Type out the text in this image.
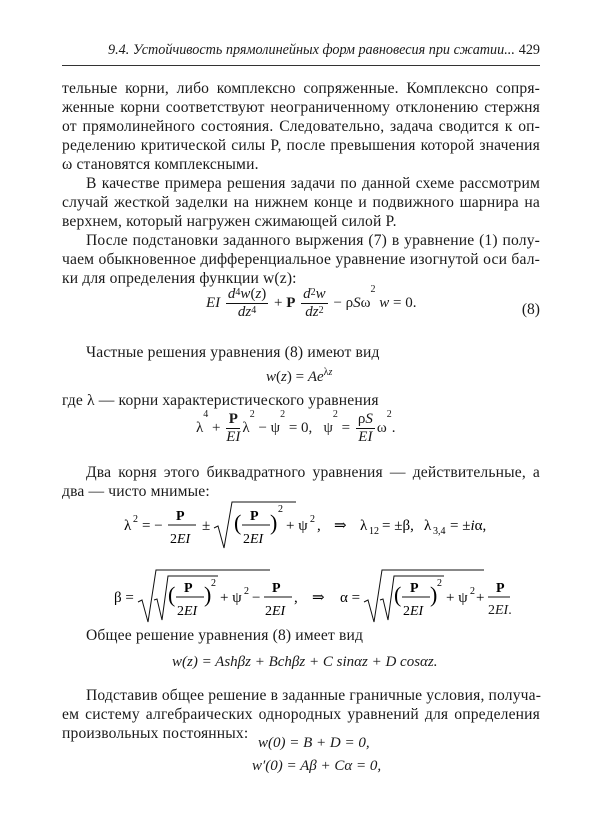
9.4. Устойчивость прямолинейных форм равновесия при сжатии... 429
тельные корни, либо комплексно сопряженные. Комплексно сопря-
женные корни соответствуют неограниченному отклонению стержня
от прямолинейного состояния. Следовательно, задача сводится к оп-
ределению критической силы P, после превышения которой значения
ω становятся комплексными.
В качестве примера решения задачи по данной схеме рассмотрим
случай жесткой заделки на нижнем конце и подвижного шарнира на
верхнем, который нагружен сжимающей силой P.
После подстановки заданного выржения (7) в уравнение (1) полу-
чаем обыкновенное дифференциальное уравнение изогнутой оси бал-
ки для определения функции w(z):
EI $\frac{d^4w(z)}{dz^4} + P \frac{d^2w}{dz^2} - \rho S\omega^2$ w = 0.	(8)
Частные решения уравнения (8) имеют вид
$w(z) = Ae^{\lambda z}$
где λ — корни характеристического уравнения
$\lambda^4 + \frac{P}{EI} \lambda^2 - \psi^2 = 0$,   $\psi^2 = \frac{\rho S}{EI} \omega^2$.
Два корня этого биквадратного уравнения — действительные, а
два — чисто мнимые:
λ 2 = −
P
2EI
± ( P
2EI
)
2
+ ψ 2 , ⇒ λ 12 = ±β, λ 3,4 = ±iα,
β = ( P
2EI
) 2
+ ψ 2 −
P
2EI
, ⇒ α = ( P
2EI
) 2
+ ψ 2 +
P
2EI.
Общее решение уравнения (8) имеет вид
w(z) = Ashβz + Bchβz + C sinαz + D cosαz.
Подставив общее решение в заданные граничные условия, получа-
ем систему алгебраических однородных уравнений для определения
произвольных постоянных:
w(0) = B + D = 0,
w′(0) = Aβ + Cα = 0,
